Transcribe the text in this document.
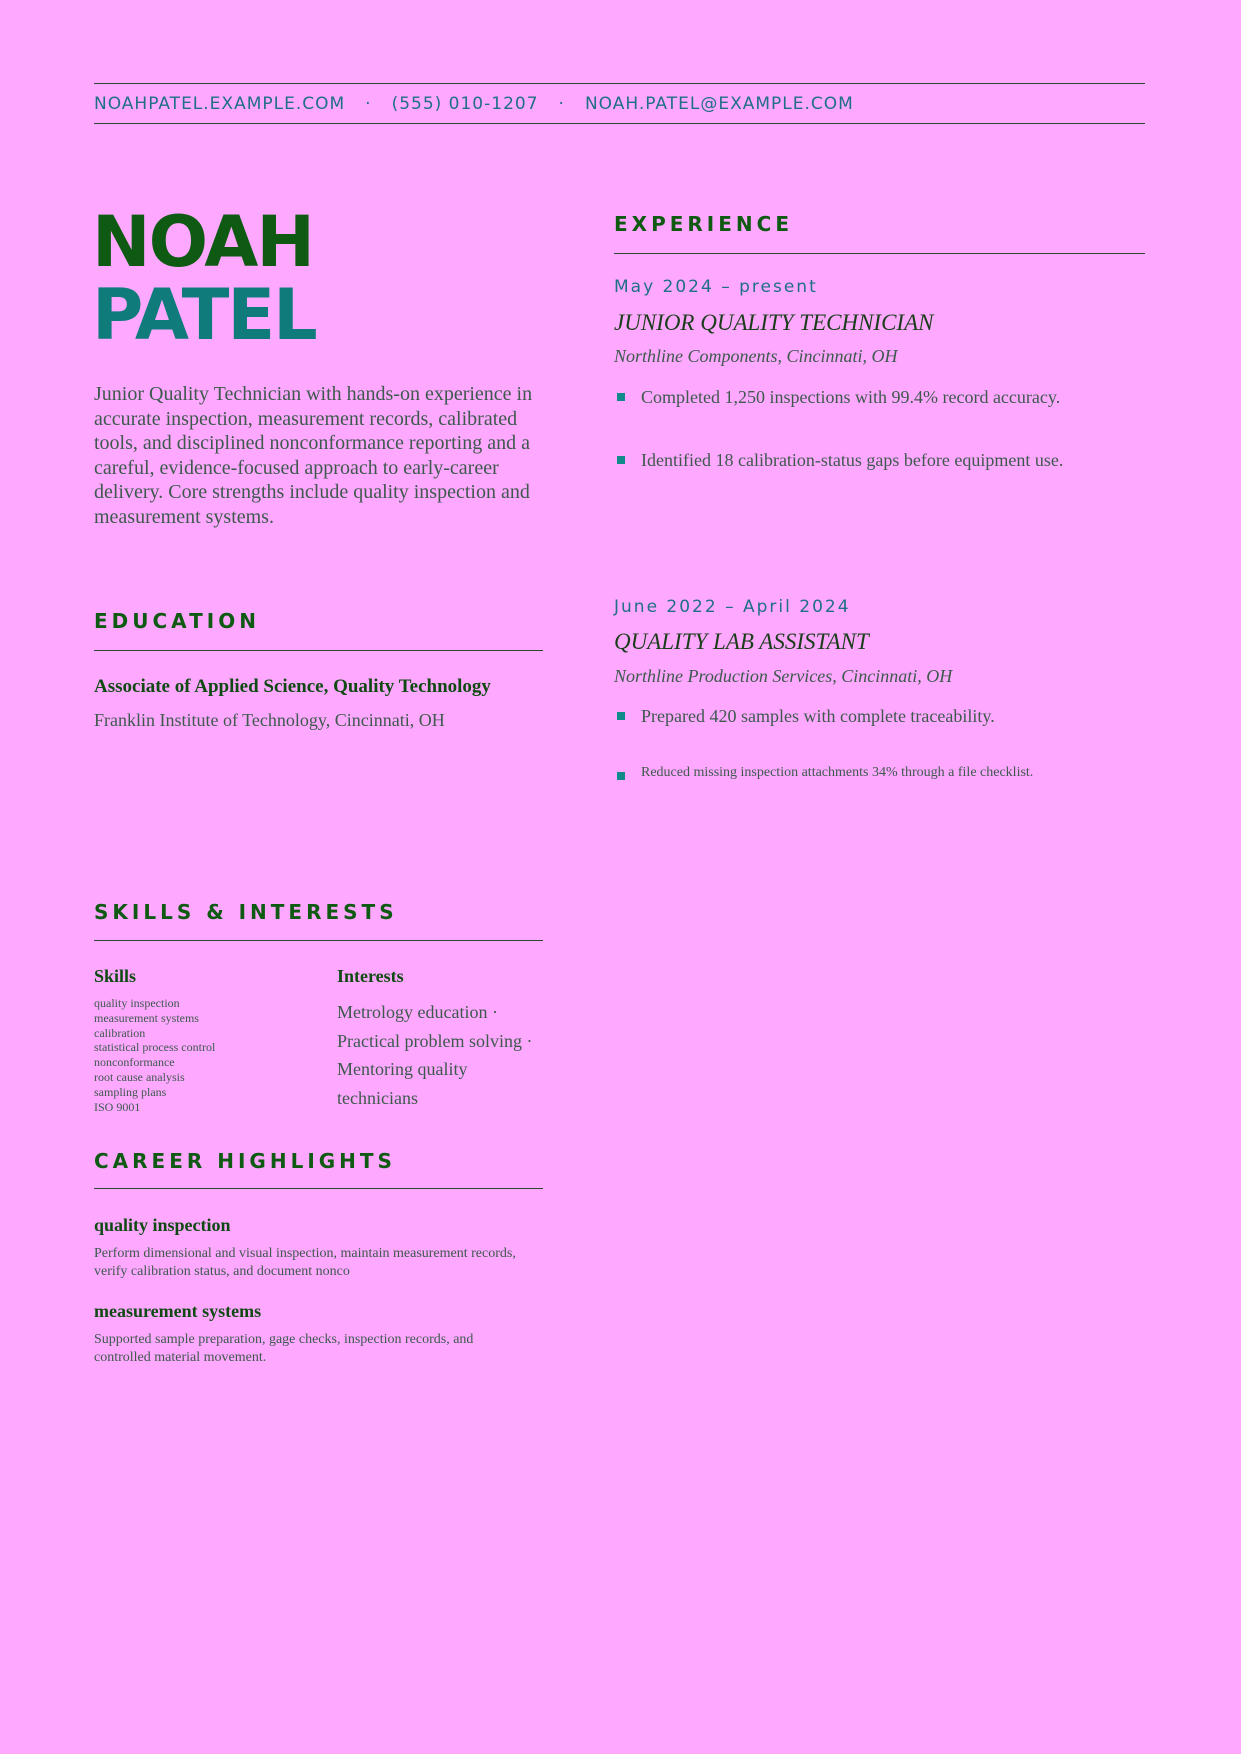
NOAHPATEL.EXAMPLE.COM · (555) 010-1207 · NOAH.PATEL@EXAMPLE.COM
NOAH
PATEL
Junior Quality Technician with hands-on experience in accurate inspection, measurement records, calibrated tools, and disciplined nonconformance reporting and a careful, evidence-focused approach to early-career delivery. Core strengths include quality inspection and measurement systems.
EXPERIENCE
May 2024 – present
JUNIOR QUALITY TECHNICIAN
Northline Components, Cincinnati, OH
Completed 1,250 inspections with 99.4% record accuracy.
Identified 18 calibration-status gaps before equipment use.
June 2022 – April 2024
QUALITY LAB ASSISTANT
Northline Production Services, Cincinnati, OH
Prepared 420 samples with complete traceability.
Reduced missing inspection attachments 34% through a file checklist.
EDUCATION
Associate of Applied Science, Quality Technology
Franklin Institute of Technology, Cincinnati, OH
SKILLS & INTERESTS
Skills	Interests
quality inspection
measurement systems
calibration
statistical process control
nonconformance
root cause analysis
sampling plans
ISO 9001
Metrology education · Practical problem solving · Mentoring quality technicians
CAREER HIGHLIGHTS
quality inspection
Perform dimensional and visual inspection, maintain measurement records, verify calibration status, and document nonco
measurement systems
Supported sample preparation, gage checks, inspection records, and controlled material movement.
